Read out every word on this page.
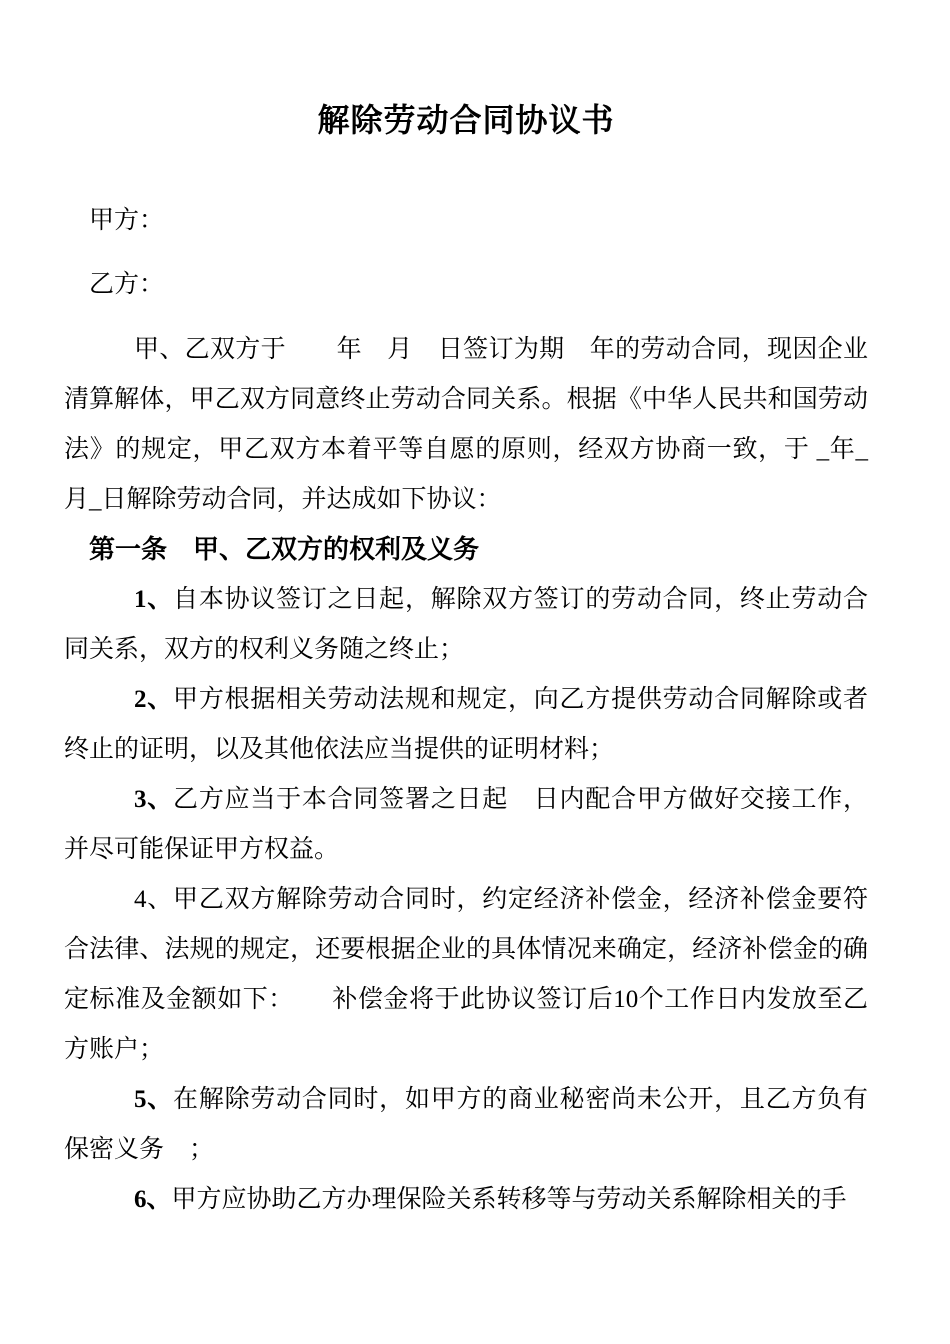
解除劳动合同协议书
甲方：
乙方：

甲、乙双方于　　年　月　日签订为期　年的劳动合同，现因企业清算解体，甲乙双方同意终止劳动合同关系。根据《中华人民共和国劳动法》的规定，甲乙双方本着平等自愿的原则，经双方协商一致，于 _年_月_日解除劳动合同，并达成如下协议：

第一条　甲、乙双方的权利及义务

1、自本协议签订之日起，解除双方签订的劳动合同，终止劳动合同关系，双方的权利义务随之终止；

2、甲方根据相关劳动法规和规定，向乙方提供劳动合同解除或者终止的证明，以及其他依法应当提供的证明材料；

3、乙方应当于本合同签署之日起　日内配合甲方做好交接工作，并尽可能保证甲方权益。

4、甲乙双方解除劳动合同时，约定经济补偿金，经济补偿金要符合法律、法规的规定，还要根据企业的具体情况来确定，经济补偿金的确定标准及金额如下：　　补偿金将于此协议签订后10个工作日内发放至乙方账户；

5、在解除劳动合同时，如甲方的商业秘密尚未公开，且乙方负有保密义务　；

6、甲方应协助乙方办理保险关系转移等与劳动关系解除相关的手
